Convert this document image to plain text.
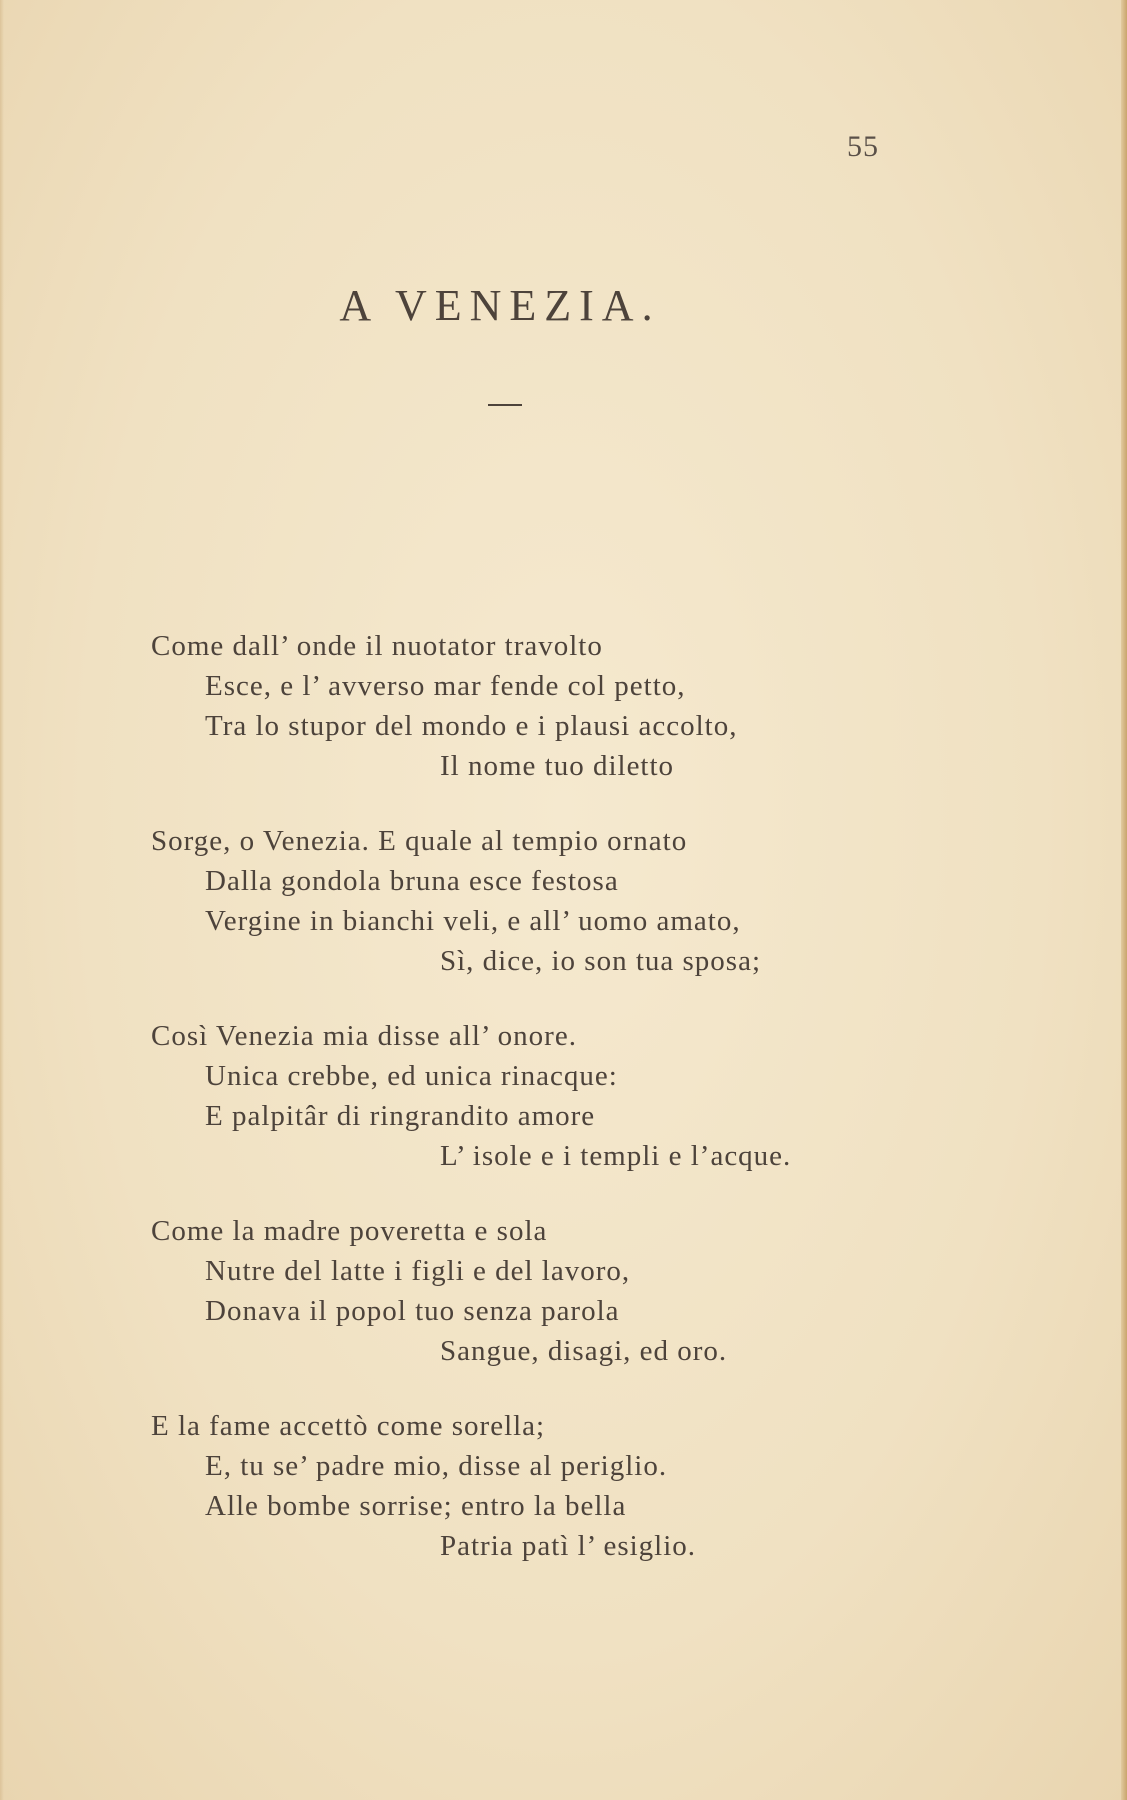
55
A VENEZIA.
Come dall’ onde il nuotator travolto
Esce, e l’ avverso mar fende col petto,
Tra lo stupor del mondo e i plausi accolto,
Il nome tuo diletto
Sorge, o Venezia. E quale al tempio ornato
Dalla gondola bruna esce festosa
Vergine in bianchi veli, e all’ uomo amato,
Sì, dice, io son tua sposa;
Così Venezia mia disse all’ onore.
Unica crebbe, ed unica rinacque:
E palpitâr di ringrandito amore
L’ isole e i templi e l’acque.
Come la madre poveretta e sola
Nutre del latte i figli e del lavoro,
Donava il popol tuo senza parola
Sangue, disagi, ed oro.
E la fame accettò come sorella;
E, tu se’ padre mio, disse al periglio.
Alle bombe sorrise; entro la bella
Patria patì l’ esiglio.
